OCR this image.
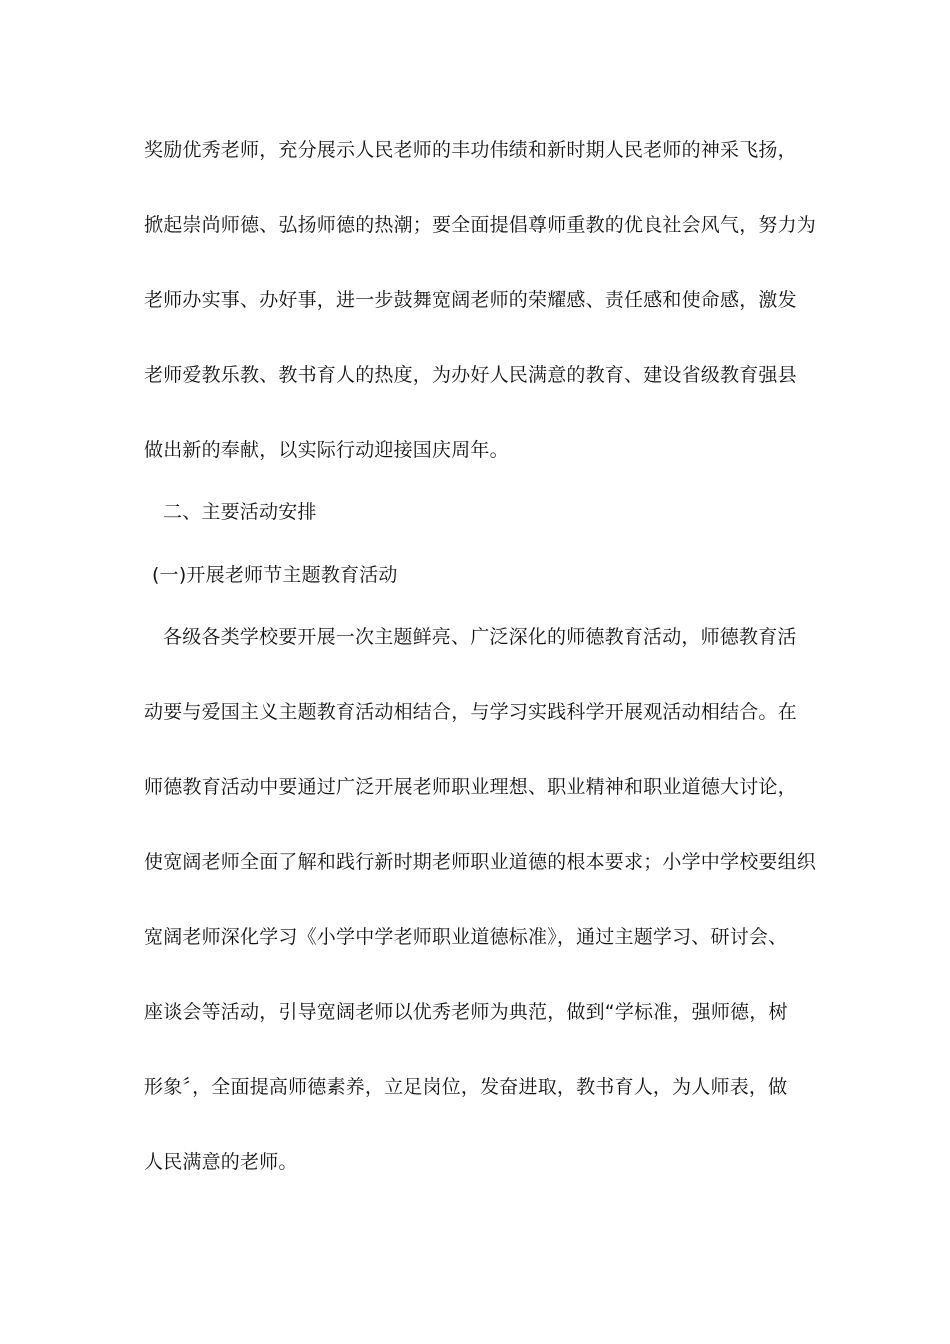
奖励优秀老师，充分展示人民老师的丰功伟绩和新时期人民老师的神采飞扬，
掀起崇尚师德、弘扬师德的热潮；要全面提倡尊师重教的优良社会风气，努力为
老师办实事、办好事，进一步鼓舞宽阔老师的荣耀感、责任感和使命感，激发
老师爱教乐教、教书育人的热度，为办好人民满意的教育、建设省级教育强县
做出新的奉献，以实际行动迎接国庆周年。
二、主要活动安排
(一)开展老师节主题教育活动
各级各类学校要开展一次主题鲜亮、广泛深化的师德教育活动，师德教育活
动要与爱国主义主题教育活动相结合，与学习实践科学开展观活动相结合。在
师德教育活动中要通过广泛开展老师职业理想、职业精神和职业道德大讨论，
使宽阔老师全面了解和践行新时期老师职业道德的根本要求；小学中学校要组织
宽阔老师深化学习《小学中学老师职业道德标准》，通过主题学习、研讨会、
座谈会等活动，引导宽阔老师以优秀老师为典范，做到“学标准，强师德，树
形象〞，全面提高师德素养，立足岗位，发奋进取，教书育人，为人师表，做
人民满意的老师。
